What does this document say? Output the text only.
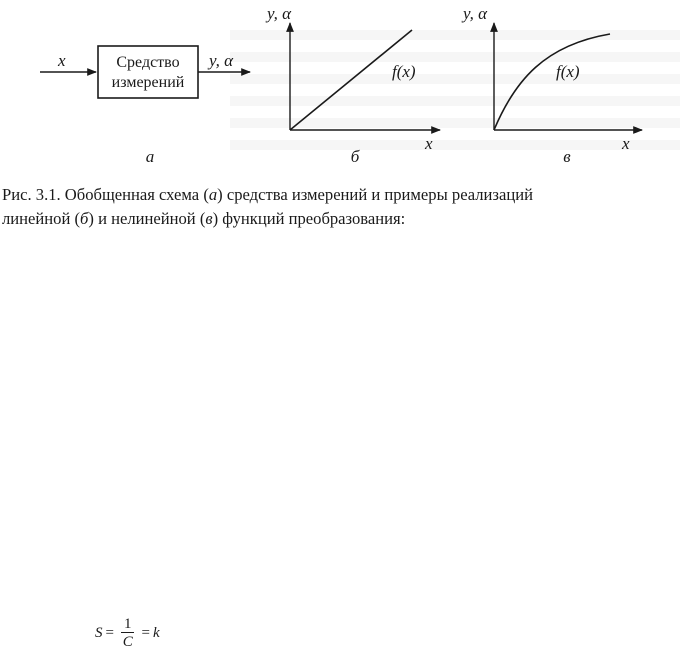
x	Средство
измерений
y, α
а
y, α
x
f(x)
б
y, α
x
f(x)
в
Рис. 3.1. Обобщенная схема (а) средства измерений и примеры реализаций
линейной (б) и нелинейной (в) функций преобразования:
$S = \frac{1}{C} = k$
